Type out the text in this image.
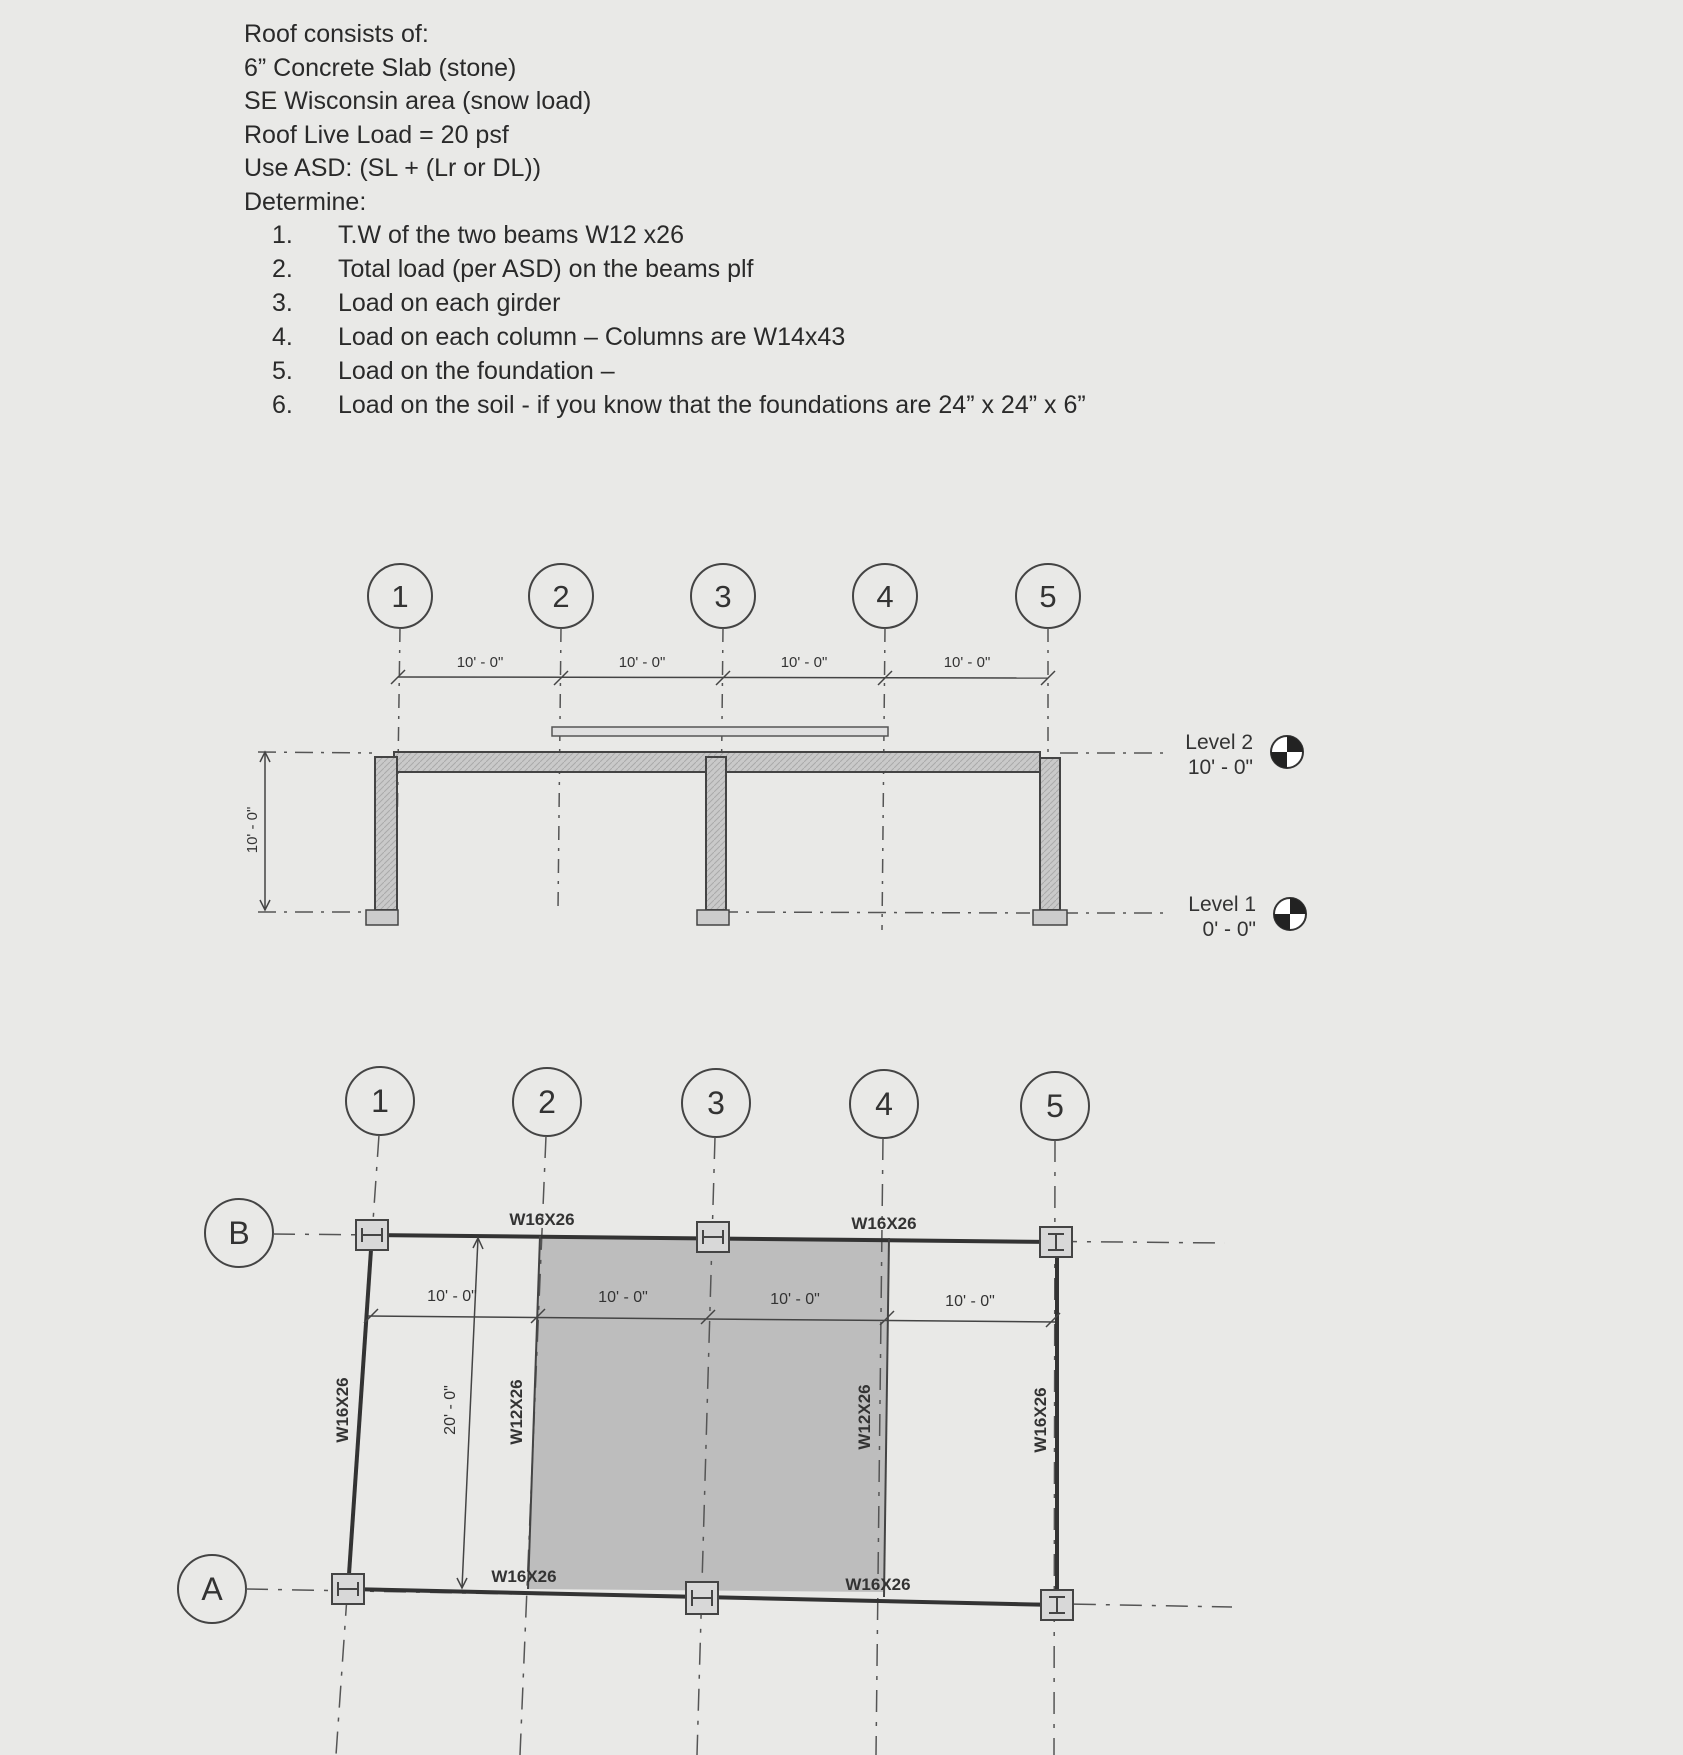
Roof consists of:
6” Concrete Slab (stone)
SE Wisconsin area (snow load)
Roof Live Load = 20 psf
Use ASD: (SL + (Lr or DL))
Determine:
1. T.W of the two beams W12 x26
2. Total load (per ASD) on the beams plf
3. Load on each girder
4. Load on each column – Columns are W14x43
5. Load on the foundation –
6. Load on the soil - if you know that the foundations are 24” x 24” x 6”
1	2	3	4	5
10' - 0"	10' - 0"	10' - 0"	10' - 0"
10' - 0"
Level 2
10' - 0"
Level 1
0' - 0"
1	2	3	4	5
B
A
10' - 0"	10' - 0"	10' - 0"	10' - 0"
20' - 0"
W16X26	W16X26
W16X26	W16X26
W16X26	W12X26	W12X26	W16X26
